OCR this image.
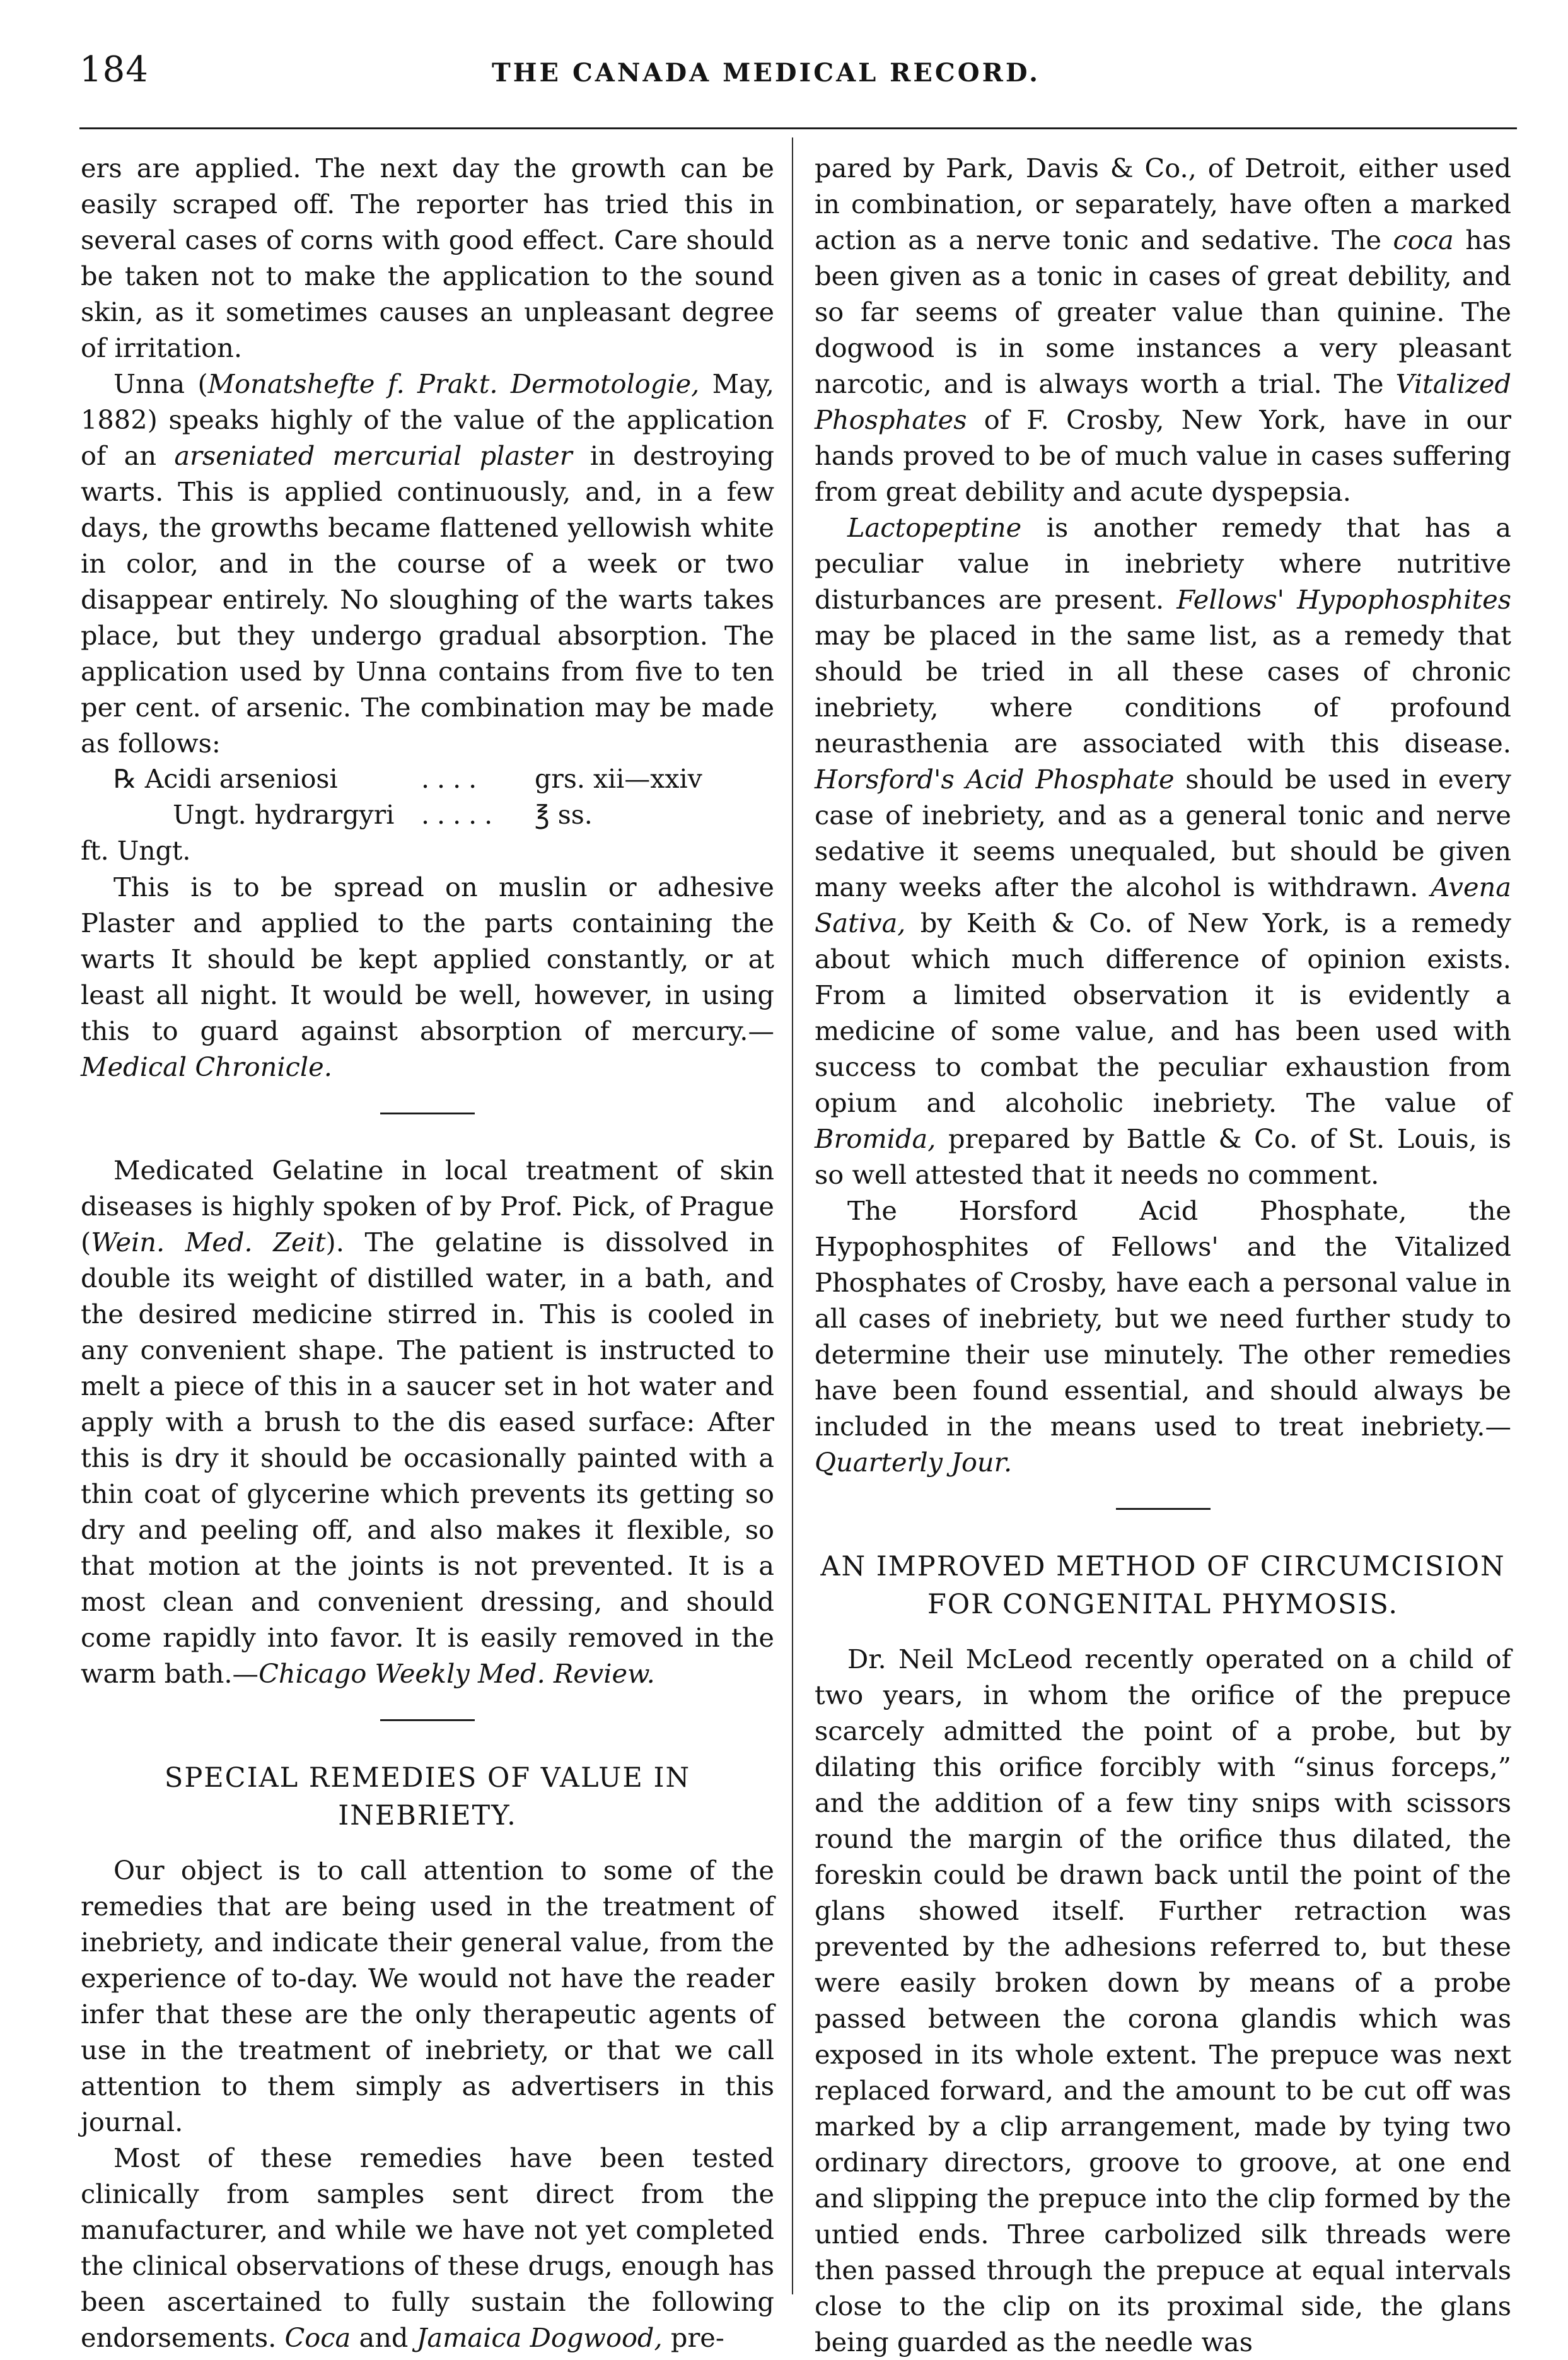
184	THE CANADA MEDICAL RECORD.

ers are applied. The next day the growth can be easily scraped off. The reporter has tried this in several cases of corns with good effect. Care should be taken not to make the application to the sound skin, as it sometimes causes an unpleasant degree of irritation.

Unna (Monatshefte f. Prakt. Dermotologie, May, 1882) speaks highly of the value of the application of an arseniated mercurial plaster in destroying warts. This is applied continuously, and, in a few days, the growths became flattened yellowish white in color, and in the course of a week or two disappear entirely. No sloughing of the warts takes place, but they undergo gradual absorption. The application used by Unna contains from five to ten per cent. of arsenic. The combination may be made as follows:

℞ Acidi arseniosi	....	grs. xii—xxiv
Ungt. hydrargyri	.....	℥ ss.
ft. Ungt.

This is to be spread on muslin or adhesive Plaster and applied to the parts containing the warts It should be kept applied constantly, or at least all night. It would be well, however, in using this to guard against absorption of mercury.—Medical Chronicle.

Medicated Gelatine in local treatment of skin diseases is highly spoken of by Prof. Pick, of Prague (Wein. Med. Zeit). The gelatine is dissolved in double its weight of distilled water, in a bath, and the desired medicine stirred in. This is cooled in any convenient shape. The patient is instructed to melt a piece of this in a saucer set in hot water and apply with a brush to the dis eased surface: After this is dry it should be occasionally painted with a thin coat of glycerine which prevents its getting so dry and peeling off, and also makes it flexible, so that motion at the joints is not prevented. It is a most clean and convenient dressing, and should come rapidly into favor. It is easily removed in the warm bath.—Chicago Weekly Med. Review.

SPECIAL REMEDIES OF VALUE IN INEBRIETY.

Our object is to call attention to some of the remedies that are being used in the treatment of inebriety, and indicate their general value, from the experience of to-day. We would not have the reader infer that these are the only therapeutic agents of use in the treatment of inebriety, or that we call attention to them simply as advertisers in this journal.

Most of these remedies have been tested clinically from samples sent direct from the manufacturer, and while we have not yet completed the clinical observations of these drugs, enough has been ascertained to fully sustain the following endorsements. Coca and Jamaica Dogwood, pre-

pared by Park, Davis & Co., of Detroit, either used in combination, or separately, have often a marked action as a nerve tonic and sedative. The coca has been given as a tonic in cases of great debility, and so far seems of greater value than quinine. The dogwood is in some instances a very pleasant narcotic, and is always worth a trial. The Vitalized Phosphates of F. Crosby, New York, have in our hands proved to be of much value in cases suffering from great debility and acute dyspepsia.

Lactopeptine is another remedy that has a peculiar value in inebriety where nutritive disturbances are present. Fellows' Hypophosphites may be placed in the same list, as a remedy that should be tried in all these cases of chronic inebriety, where conditions of profound neurasthenia are associated with this disease. Horsford's Acid Phosphate should be used in every case of inebriety, and as a general tonic and nerve sedative it seems unequaled, but should be given many weeks after the alcohol is withdrawn. Avena Sativa, by Keith & Co. of New York, is a remedy about which much difference of opinion exists. From a limited observation it is evidently a medicine of some value, and has been used with success to combat the peculiar exhaustion from opium and alcoholic inebriety. The value of Bromida, prepared by Battle & Co. of St. Louis, is so well attested that it needs no comment.

The Horsford Acid Phosphate, the Hypophosphites of Fellows' and the Vitalized Phosphates of Crosby, have each a personal value in all cases of inebriety, but we need further study to determine their use minutely. The other remedies have been found essential, and should always be included in the means used to treat inebriety.—Quarterly Jour.

AN IMPROVED METHOD OF CIRCUMCISION FOR CONGENITAL PHYMOSIS.

Dr. Neil McLeod recently operated on a child of two years, in whom the orifice of the prepuce scarcely admitted the point of a probe, but by dilating this orifice forcibly with “sinus forceps,” and the addition of a few tiny snips with scissors round the margin of the orifice thus dilated, the foreskin could be drawn back until the point of the glans showed itself. Further retraction was prevented by the adhesions referred to, but these were easily broken down by means of a probe passed between the corona glandis which was exposed in its whole extent. The prepuce was next replaced forward, and the amount to be cut off was marked by a clip arrangement, made by tying two ordinary directors, groove to groove, at one end and slipping the prepuce into the clip formed by the untied ends. Three carbolized silk threads were then passed through the prepuce at equal intervals close to the clip on its proximal side, the glans being guarded as the needle was
